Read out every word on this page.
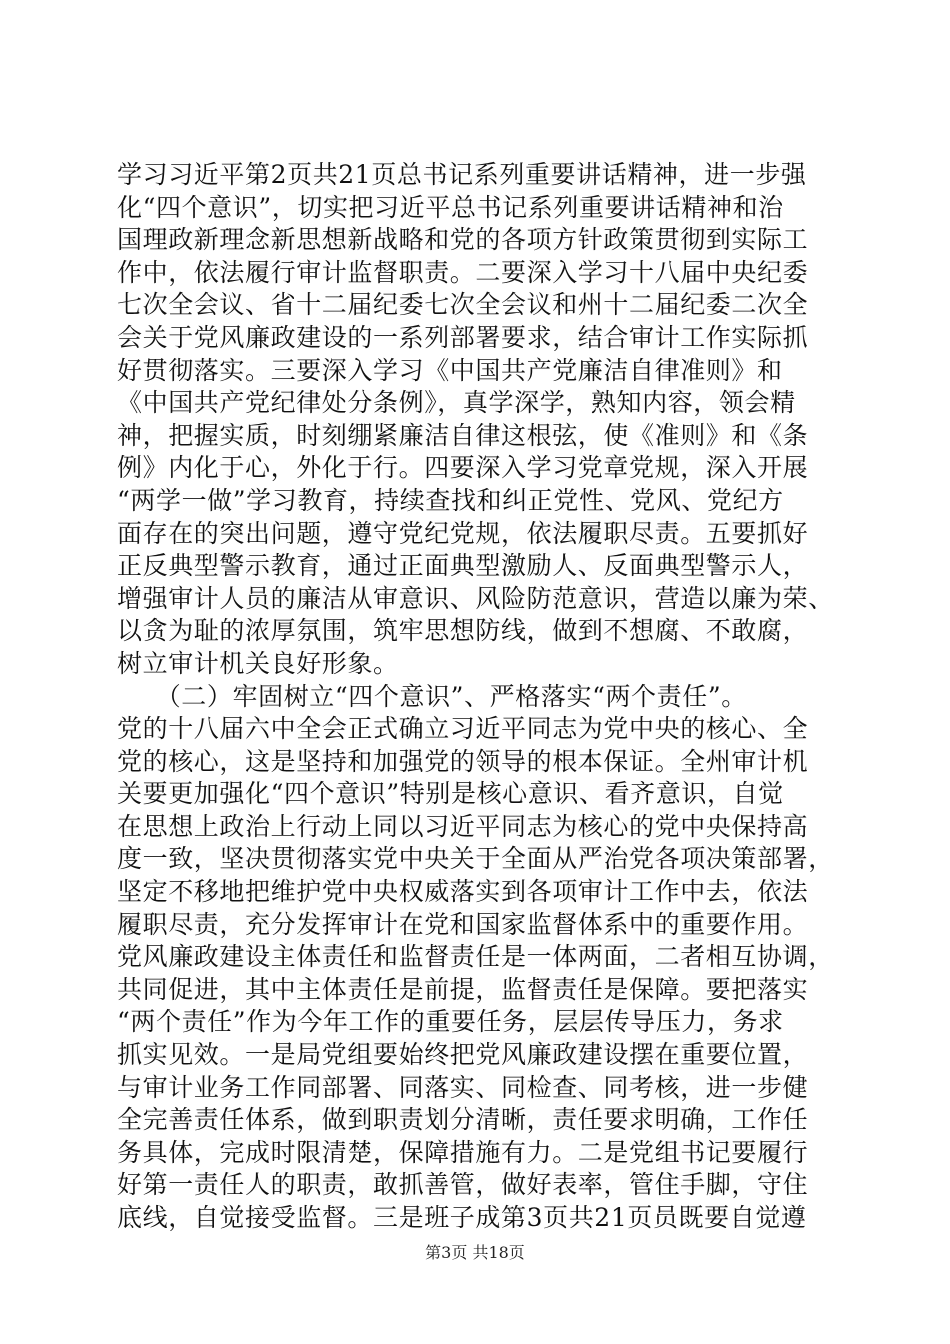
学习习近平第2页共21页总书记系列重要讲话精神，进一步强
化“四个意识”，切实把习近平总书记系列重要讲话精神和治
国理政新理念新思想新战略和党的各项方针政策贯彻到实际工
作中，依法履行审计监督职责。二要深入学习十八届中央纪委
七次全会议、省十二届纪委七次全会议和州十二届纪委二次全
会关于党风廉政建设的一系列部署要求，结合审计工作实际抓
好贯彻落实。三要深入学习《中国共产党廉洁自律准则》和
《中国共产党纪律处分条例》，真学深学，熟知内容，领会精
神，把握实质，时刻绷紧廉洁自律这根弦，使《准则》和《条
例》内化于心，外化于行。四要深入学习党章党规，深入开展
“两学一做”学习教育，持续查找和纠正党性、党风、党纪方
面存在的突出问题，遵守党纪党规，依法履职尽责。五要抓好
正反典型警示教育，通过正面典型激励人、反面典型警示人，
增强审计人员的廉洁从审意识、风险防范意识，营造以廉为荣、
以贪为耻的浓厚氛围，筑牢思想防线，做到不想腐、不敢腐，
树立审计机关良好形象。
　　（二）牢固树立“四个意识”、严格落实“两个责任”。
党的十八届六中全会正式确立习近平同志为党中央的核心、全
党的核心，这是坚持和加强党的领导的根本保证。全州审计机
关要更加强化“四个意识”特别是核心意识、看齐意识，自觉
在思想上政治上行动上同以习近平同志为核心的党中央保持高
度一致，坚决贯彻落实党中央关于全面从严治党各项决策部署，
坚定不移地把维护党中央权威落实到各项审计工作中去，依法
履职尽责，充分发挥审计在党和国家监督体系中的重要作用。
党风廉政建设主体责任和监督责任是一体两面，二者相互协调，
共同促进，其中主体责任是前提，监督责任是保障。要把落实
“两个责任”作为今年工作的重要任务，层层传导压力，务求
抓实见效。一是局党组要始终把党风廉政建设摆在重要位置，
与审计业务工作同部署、同落实、同检查、同考核，进一步健
全完善责任体系，做到职责划分清晰，责任要求明确，工作任
务具体，完成时限清楚，保障措施有力。二是党组书记要履行
好第一责任人的职责，敢抓善管，做好表率，管住手脚，守住
底线，自觉接受监督。三是班子成第3页共21页员既要自觉遵
第3页 共18页
